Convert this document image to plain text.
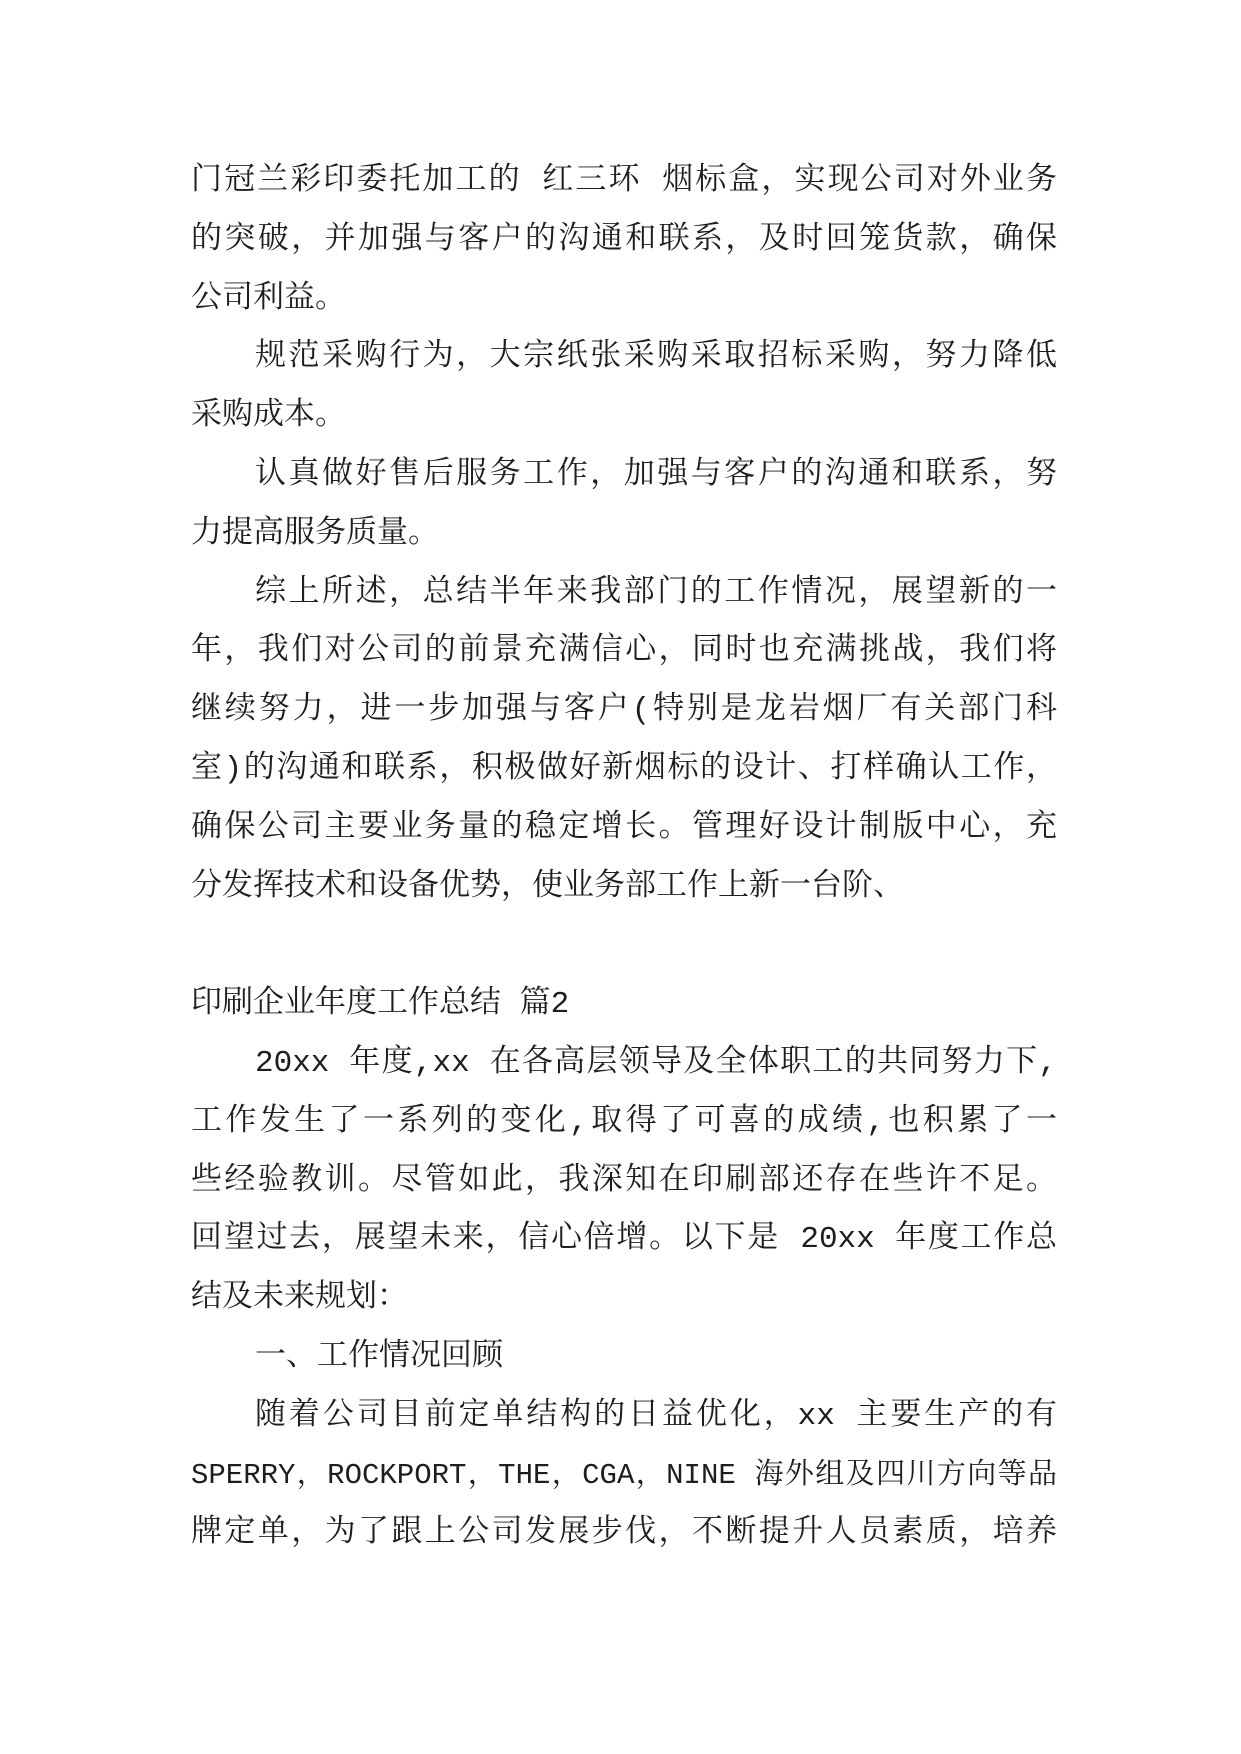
门冠兰彩印委托加工的 红三环 烟标盒，实现公司对外业务
的突破，并加强与客户的沟通和联系，及时回笼货款，确保
公司利益。
规范采购行为，大宗纸张采购采取招标采购，努力降低
采购成本。
认真做好售后服务工作，加强与客户的沟通和联系，努
力提高服务质量。
综上所述，总结半年来我部门的工作情况，展望新的一
年，我们对公司的前景充满信心，同时也充满挑战，我们将
继续努力，进一步加强与客户(特别是龙岩烟厂有关部门科
室)的沟通和联系，积极做好新烟标的设计、打样确认工作，
确保公司主要业务量的稳定增长。管理好设计制版中心，充
分发挥技术和设备优势，使业务部工作上新一台阶、
印刷企业年度工作总结 篇2
20xx 年度,xx 在各高层领导及全体职工的共同努力下,
工作发生了一系列的变化,取得了可喜的成绩,也积累了一
些经验教训。尽管如此，我深知在印刷部还存在些许不足。
回望过去，展望未来，信心倍增。以下是 20xx 年度工作总
结及未来规划：
一、工作情况回顾
随着公司目前定单结构的日益优化，xx 主要生产的有
SPERRY，ROCKPORT，THE，CGA，NINE 海外组及四川方向等品
牌定单，为了跟上公司发展步伐，不断提升人员素质，培养
